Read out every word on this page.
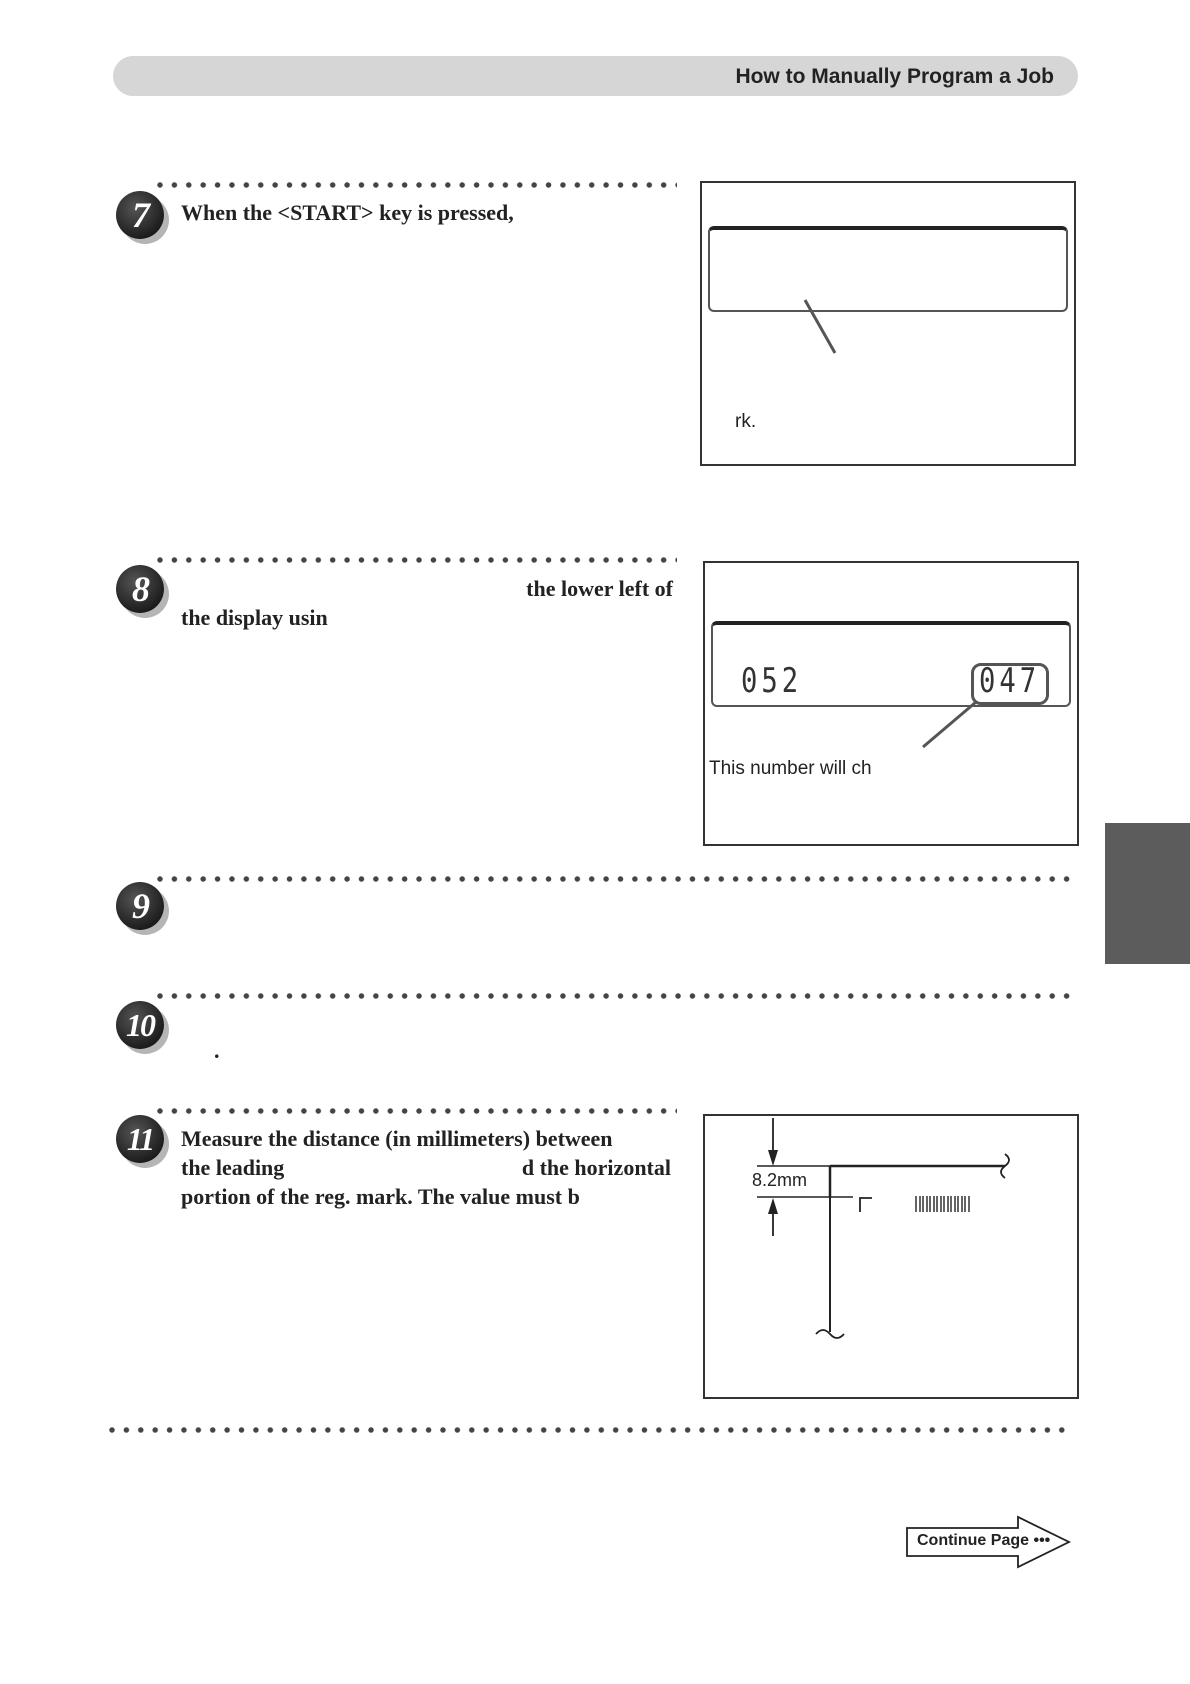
How to Manually Program a Job
7	When the <START> key is pressed,
rk.
8	the lower left of
the display usin
052	047
This number will ch
9
10
.
11	Measure the distance (in millimeters) between
the leading	d the horizontal
portion of the reg. mark. The value must b
8.2mm
Continue Page •••
